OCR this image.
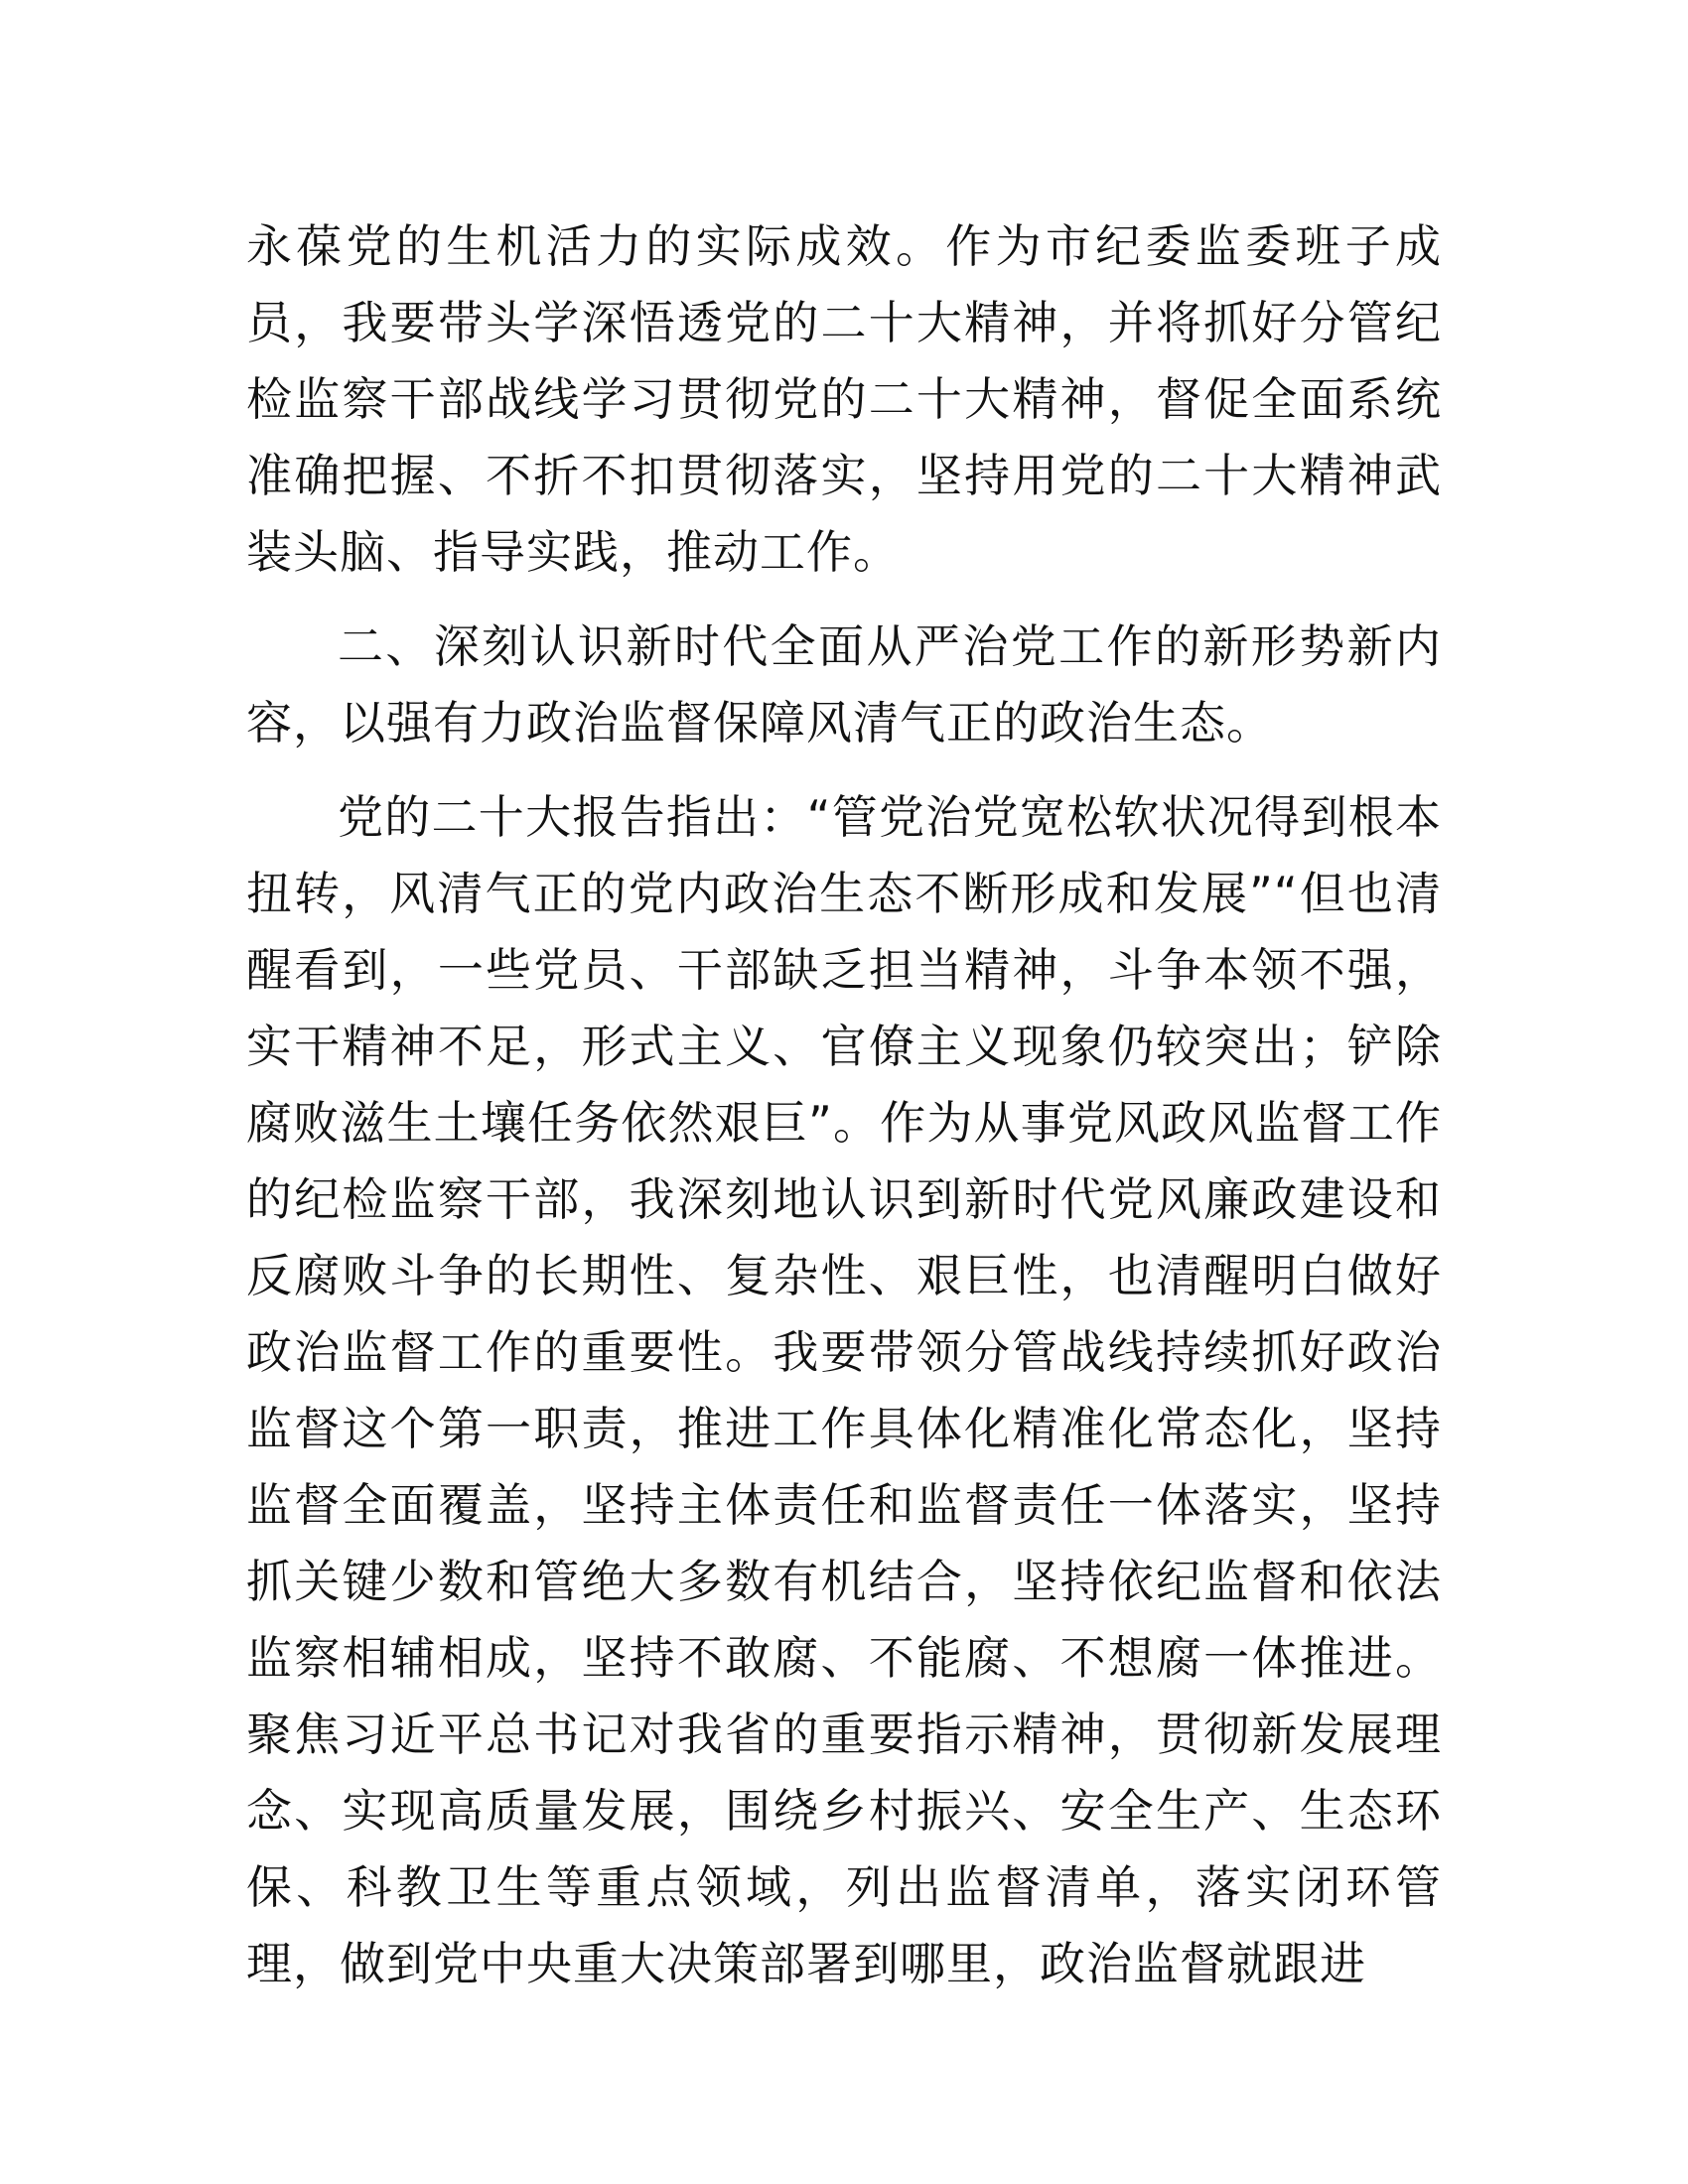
永葆党的生机活力的实际成效。作为市纪委监委班子成员，我要带头学深悟透党的二十大精神，并将抓好分管纪检监察干部战线学习贯彻党的二十大精神，督促全面系统准确把握、不折不扣贯彻落实，坚持用党的二十大精神武装头脑、指导实践，推动工作。

二、深刻认识新时代全面从严治党工作的新形势新内容，以强有力政治监督保障风清气正的政治生态。

党的二十大报告指出：“管党治党宽松软状况得到根本扭转，风清气正的党内政治生态不断形成和发展”“但也清醒看到，一些党员、干部缺乏担当精神，斗争本领不强，实干精神不足，形式主义、官僚主义现象仍较突出；铲除腐败滋生土壤任务依然艰巨”。作为从事党风政风监督工作的纪检监察干部，我深刻地认识到新时代党风廉政建设和反腐败斗争的长期性、复杂性、艰巨性，也清醒明白做好政治监督工作的重要性。我要带领分管战线持续抓好政治监督这个第一职责，推进工作具体化精准化常态化，坚持监督全面覆盖，坚持主体责任和监督责任一体落实，坚持抓关键少数和管绝大多数有机结合，坚持依纪监督和依法监察相辅相成，坚持不敢腐、不能腐、不想腐一体推进。聚焦习近平总书记对我省的重要指示精神，贯彻新发展理念、实现高质量发展，围绕乡村振兴、安全生产、生态环保、科教卫生等重点领域，列出监督清单，落实闭环管理，做到党中央重大决策部署到哪里，政治监督就跟进
